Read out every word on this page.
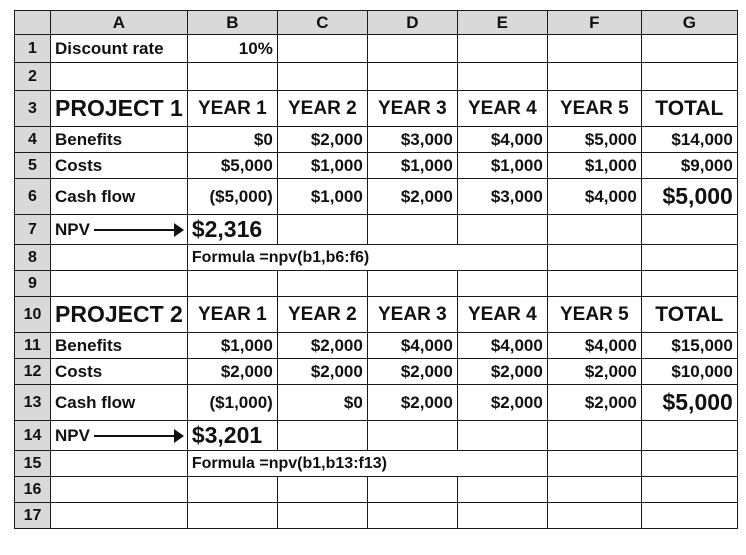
	A	B	C	D	E	F	G
1	Discount rate	10%					
2							
3	PROJECT 1	YEAR 1	YEAR 2	YEAR 3	YEAR 4	YEAR 5	TOTAL
4	Benefits	$0	$2,000	$3,000	$4,000	$5,000	$14,000
5	Costs	$5,000	$1,000	$1,000	$1,000	$1,000	$9,000
6	Cash flow	($5,000)	$1,000	$2,000	$3,000	$4,000	$5,000
7	NPV	$2,316					
8		Formula =npv(b1,b6:f6)					
9							
10	PROJECT 2	YEAR 1	YEAR 2	YEAR 3	YEAR 4	YEAR 5	TOTAL
11	Benefits	$1,000	$2,000	$4,000	$4,000	$4,000	$15,000
12	Costs	$2,000	$2,000	$2,000	$2,000	$2,000	$10,000
13	Cash flow	($1,000)	$0	$2,000	$2,000	$2,000	$5,000
14	NPV	$3,201					
15		Formula =npv(b1,b13:f13)					
16							
17							
